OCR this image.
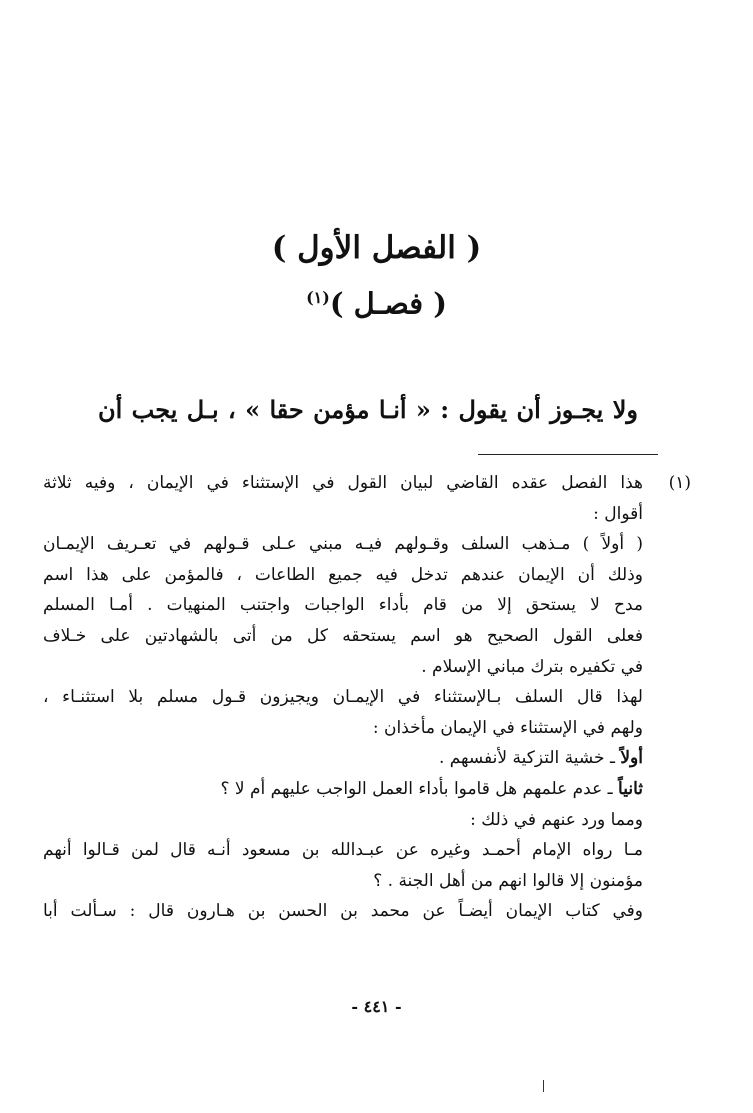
( الفصل الأول )
( فصـل )$^{(١)}$
ولا يجـوز أن يقول : « أنـا مؤمن حقا » ، بـل يجب أن
(١)
هذا الفصل عقده القاضي لبيان القول في الإستثناء في الإيمان ، وفيه ثلاثة
أقوال :
( أولاً ) مـذهب السلف وقـولهم فيـه مبني عـلى قـولهم في تعـريف الإيمـان
وذلك أن الإيمان عندهم تدخل فيه جميع الطاعات ، فالمؤمن على هذا اسم
مدح لا يستحق إلا من قام بأداء الواجبات واجتنب المنهيات . أمـا المسلم
فعلى القول الصحيح هو اسم يستحقه كل من أتى بالشهادتين على خـلاف
في تكفيره بترك مباني الإسلام .
لهذا قال السلف بـالإستثناء في الإيمـان ويجيزون قـول مسلم بلا استثنـاء ،
ولهم في الإستثناء في الإيمان مأخذان :
أولاً ـ خشية التزكية لأنفسهم .
ثانياً ـ عدم علمهم هل قاموا بأداء العمل الواجب عليهم أم لا ؟
ومما ورد عنهم في ذلك :
مـا رواه الإمام أحمـد وغيره عن عبـدالله بن مسعود أنـه قال لمن قـالوا أنهم
مؤمنون إلا قالوا انهم من أهل الجنة . ؟
وفي كتاب الإيمان أيضـاً عن محمد بن الحسن بن هـارون قال : سـألت أبا
- ٤٤١ -
